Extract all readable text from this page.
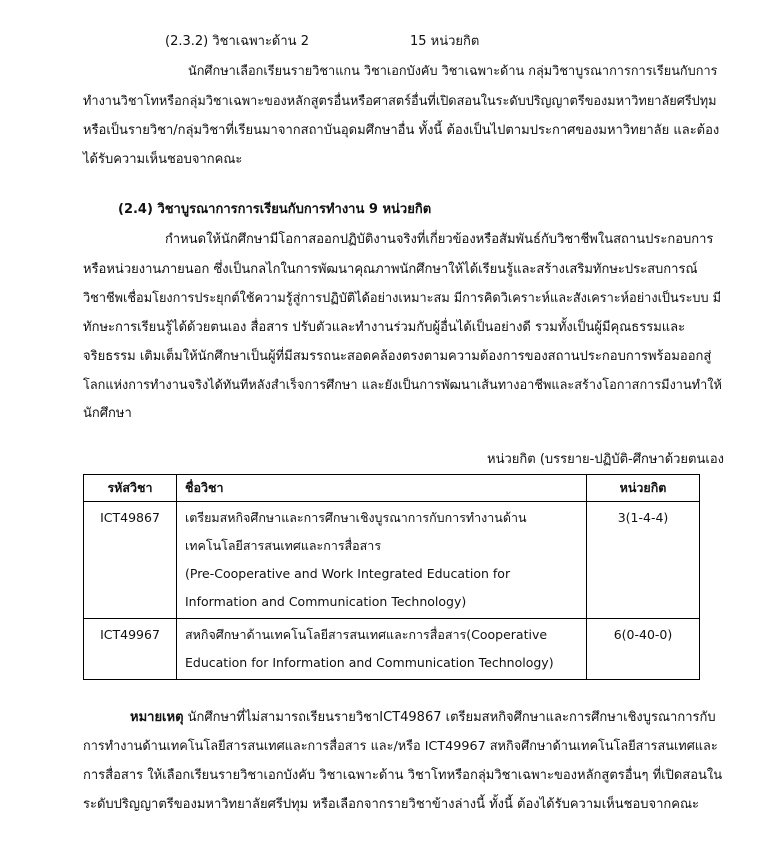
(2.3.2) วิชาเฉพาะด้าน 2	15 หน่วยกิต
นักศึกษาเลือกเรียนรายวิชาแกน วิชาเอกบังคับ วิชาเฉพาะด้าน กลุ่มวิชาบูรณาการการเรียนกับการ
ทำงานวิชาโทหรือกลุ่มวิชาเฉพาะของหลักสูตรอื่นหรือศาสตร์อื่นที่เปิดสอนในระดับปริญญาตรีของมหาวิทยาลัยศรีปทุม
หรือเป็นรายวิชา/กลุ่มวิชาที่เรียนมาจากสถาบันอุดมศึกษาอื่น ทั้งนี้ ต้องเป็นไปตามประกาศของมหาวิทยาลัย และต้อง
ได้รับความเห็นชอบจากคณะ
(2.4) วิชาบูรณาการการเรียนกับการทำงาน 9 หน่วยกิต
กำหนดให้นักศึกษามีโอกาสออกปฏิบัติงานจริงที่เกี่ยวข้องหรือสัมพันธ์กับวิชาชีพในสถานประกอบการ
หรือหน่วยงานภายนอก ซึ่งเป็นกลไกในการพัฒนาคุณภาพนักศึกษาให้ได้เรียนรู้และสร้างเสริมทักษะประสบการณ์
วิชาชีพเชื่อมโยงการประยุกต์ใช้ความรู้สู่การปฏิบัติได้อย่างเหมาะสม มีการคิดวิเคราะห์และสังเคราะห์อย่างเป็นระบบ มี
ทักษะการเรียนรู้ได้ด้วยตนเอง สื่อสาร ปรับตัวและทำงานร่วมกับผู้อื่นได้เป็นอย่างดี รวมทั้งเป็นผู้มีคุณธรรมและ
จริยธรรม เติมเต็มให้นักศึกษาเป็นผู้ที่มีสมรรถนะสอดคล้องตรงตามความต้องการของสถานประกอบการพร้อมออกสู่
โลกแห่งการทำงานจริงได้ทันทีหลังสำเร็จการศึกษา และยังเป็นการพัฒนาเส้นทางอาชีพและสร้างโอกาสการมีงานทำให้
นักศึกษา
หน่วยกิต (บรรยาย-ปฏิบัติ-ศึกษาด้วยตนเอง
รหัสวิชา	ชื่อวิชา	หน่วยกิต
ICT49867	เตรียมสหกิจศึกษาและการศึกษาเชิงบูรณาการกับการทำงานด้าน
เทคโนโลยีสารสนเทศและการสื่อสาร
(Pre-Cooperative and Work Integrated Education for
Information and Communication Technology)	3(1-4-4)
ICT49967	สหกิจศึกษาด้านเทคโนโลยีสารสนเทศและการสื่อสาร(Cooperative
Education for Information and Communication Technology)	6(0-40-0)
หมายเหตุ นักศึกษาที่ไม่สามารถเรียนรายวิชาICT49867 เตรียมสหกิจศึกษาและการศึกษาเชิงบูรณาการกับ
การทำงานด้านเทคโนโลยีสารสนเทศและการสื่อสาร และ/หรือ ICT49967 สหกิจศึกษาด้านเทคโนโลยีสารสนเทศและ
การสื่อสาร ให้เลือกเรียนรายวิชาเอกบังคับ วิชาเฉพาะด้าน วิชาโทหรือกลุ่มวิชาเฉพาะของหลักสูตรอื่นๆ ที่เปิดสอนใน
ระดับปริญญาตรีของมหาวิทยาลัยศรีปทุม หรือเลือกจากรายวิชาข้างล่างนี้ ทั้งนี้ ต้องได้รับความเห็นชอบจากคณะ
